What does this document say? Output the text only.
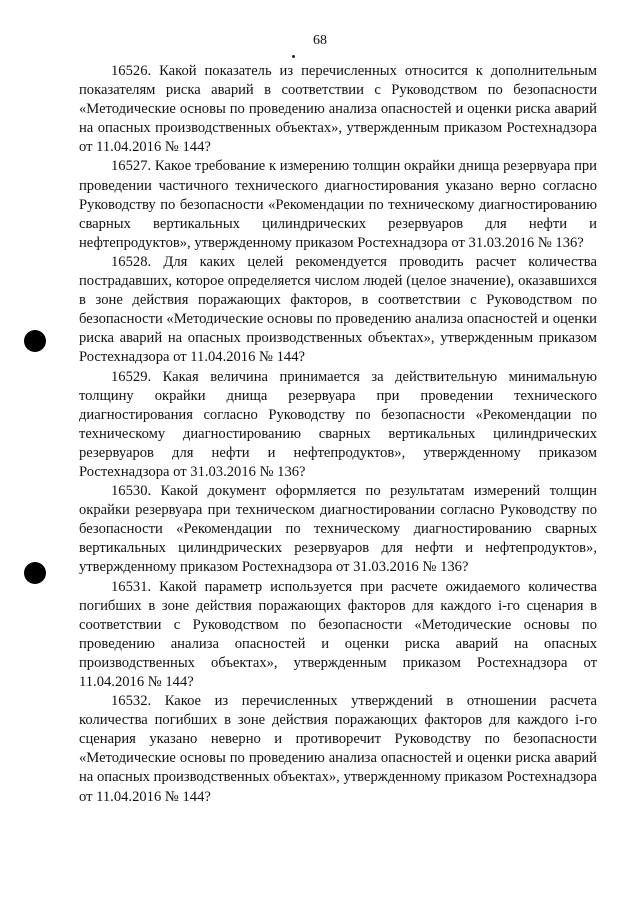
68

16526. Какой показатель из перечисленных относится к дополнительным показателям риска аварий в соответствии с Руководством по безопасности «Методические основы по проведению анализа опасностей и оценки риска аварий на опасных производственных объектах», утвержденным приказом Ростехнадзора от 11.04.2016 № 144?

16527. Какое требование к измерению толщин окрайки днища резервуара при проведении частичного технического диагностирования указано верно согласно Руководству по безопасности «Рекомендации по техническому диагностированию сварных вертикальных цилиндрических резервуаров для нефти и нефтепродуктов», утвержденному приказом Ростехнадзора от 31.03.2016 № 136?

16528. Для каких целей рекомендуется проводить расчет количества пострадавших, которое определяется числом людей (целое значение), оказавшихся в зоне действия поражающих факторов, в соответствии с Руководством по безопасности «Методические основы по проведению анализа опасностей и оценки риска аварий на опасных производственных объектах», утвержденным приказом Ростехнадзора от 11.04.2016 № 144?

16529. Какая величина принимается за действительную минимальную толщину окрайки днища резервуара при проведении технического диагностирования согласно Руководству по безопасности «Рекомендации по техническому диагностированию сварных вертикальных цилиндрических резервуаров для нефти и нефтепродуктов», утвержденному приказом Ростехнадзора от 31.03.2016 № 136?

16530. Какой документ оформляется по результатам измерений толщин окрайки резервуара при техническом диагностировании согласно Руководству по безопасности «Рекомендации по техническому диагностированию сварных вертикальных цилиндрических резервуаров для нефти и нефтепродуктов», утвержденному приказом Ростехнадзора от 31.03.2016 № 136?

16531. Какой параметр используется при расчете ожидаемого количества погибших в зоне действия поражающих факторов для каждого i-го сценария в соответствии с Руководством по безопасности «Методические основы по проведению анализа опасностей и оценки риска аварий на опасных производственных объектах», утвержденным приказом Ростехнадзора от 11.04.2016 № 144?

16532. Какое из перечисленных утверждений в отношении расчета количества погибших в зоне действия поражающих факторов для каждого i-го сценария указано неверно и противоречит Руководству по безопасности «Методические основы по проведению анализа опасностей и оценки риска аварий на опасных производственных объектах», утвержденному приказом Ростехнадзора от 11.04.2016 № 144?
